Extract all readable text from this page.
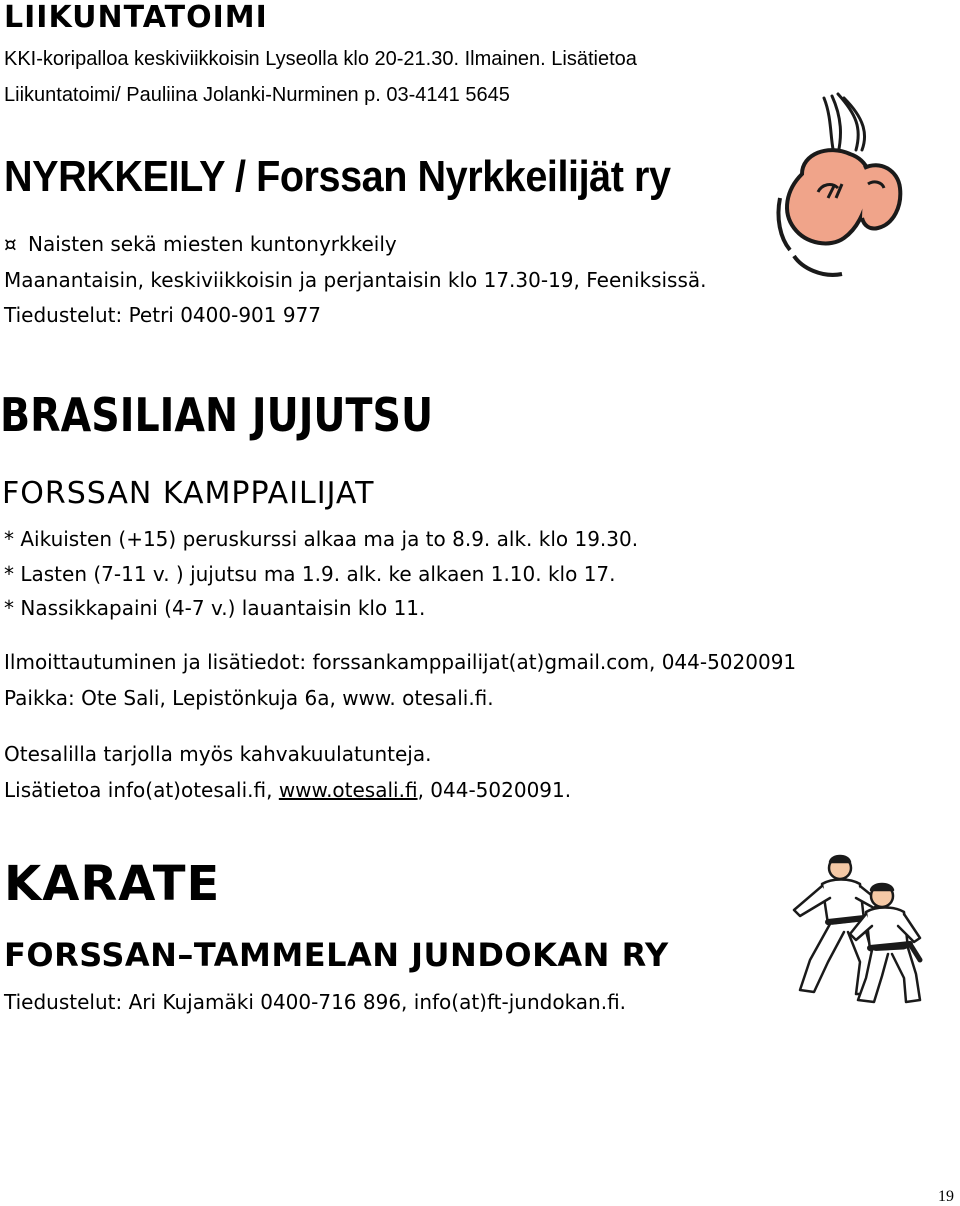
LIIKUNTATOIMI
KKI-koripalloa keskiviikkoisin Lyseolla klo 20-21.30. Ilmainen. Lisätietoa
Liikuntatoimi/ Pauliina Jolanki-Nurminen p. 03-4141 5645
NYRKKEILY / Forssan Nyrkkeilijät ry
¤ Naisten sekä miesten kuntonyrkkeily
Maanantaisin, keskiviikkoisin ja perjantaisin klo 17.30-19, Feeniksissä.
Tiedustelut: Petri 0400-901 977
BRASILIAN JUJUTSU
FORSSAN KAMPPAILIJAT
* Aikuisten (+15) peruskurssi alkaa ma ja to 8.9. alk. klo 19.30.
* Lasten (7-11 v. ) jujutsu ma 1.9. alk. ke alkaen 1.10. klo 17.
* Nassikkapaini (4-7 v.) lauantaisin klo 11.
Ilmoittautuminen ja lisätiedot: forssankamppailijat(at)gmail.com, 044-5020091
Paikka: Ote Sali, Lepistönkuja 6a, www. otesali.fi.
Otesalilla tarjolla myös kahvakuulatunteja.
Lisätietoa info(at)otesali.fi, www.otesali.fi, 044-5020091.
KARATE
FORSSAN–TAMMELAN JUNDOKAN RY
Tiedustelut: Ari Kujamäki 0400-716 896, info(at)ft-jundokan.fi.
19
